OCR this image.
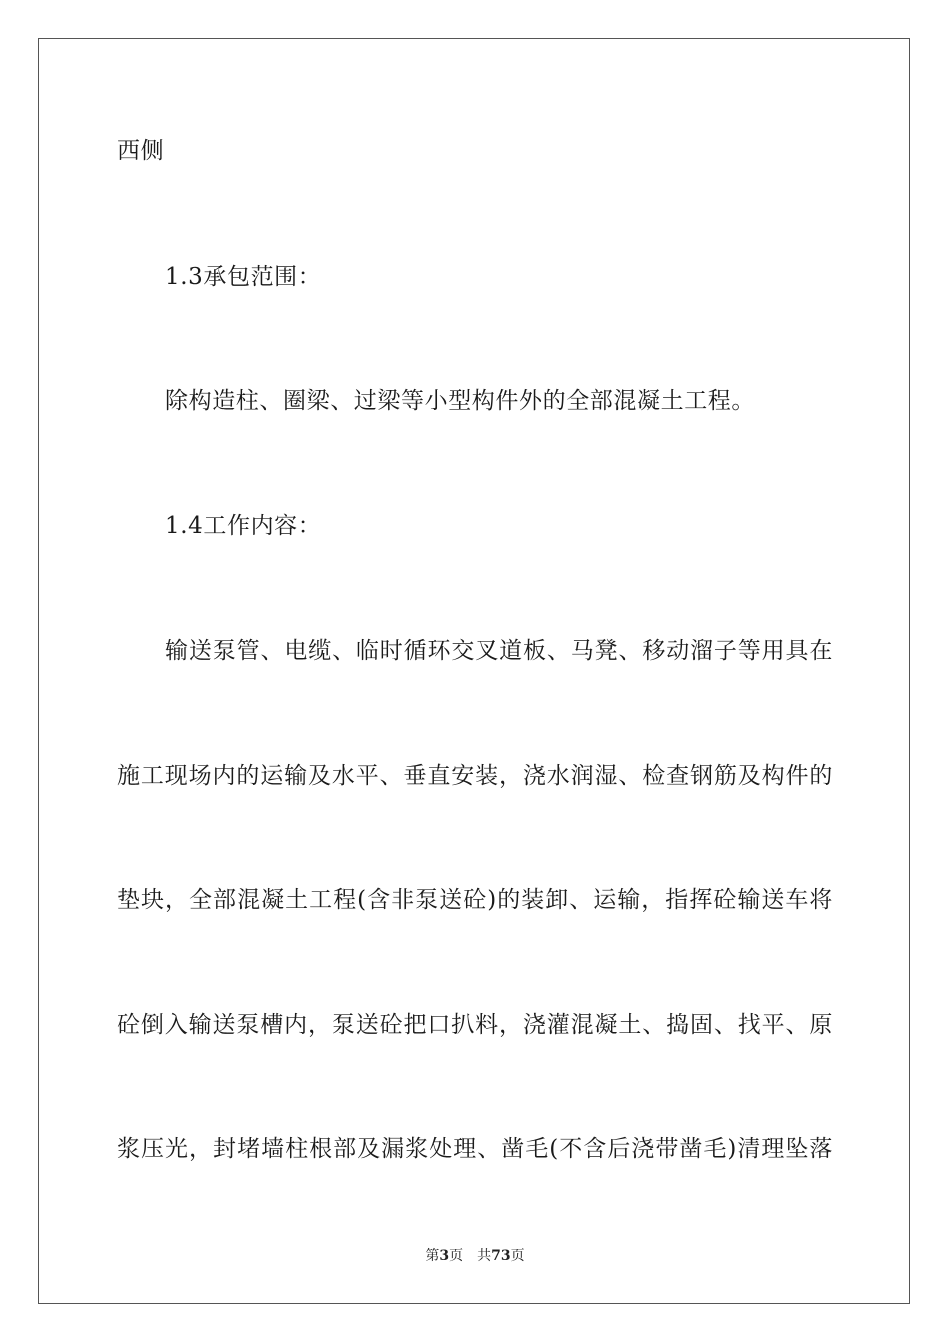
西侧
1.3承包范围：
除构造柱、圈梁、过梁等小型构件外的全部混凝土工程。
1.4工作内容：
输送泵管、电缆、临时循环交叉道板、马凳、移动溜子等用具在
施工现场内的运输及水平、垂直安装，浇水润湿、检查钢筋及构件的
垫块，全部混凝土工程(含非泵送砼)的装卸、运输，指挥砼输送车将
砼倒入输送泵槽内，泵送砼把口扒料，浇灌混凝土、捣固、找平、原
浆压光，封堵墙柱根部及漏浆处理、凿毛(不含后浇带凿毛)清理坠落
第3页 共73页
